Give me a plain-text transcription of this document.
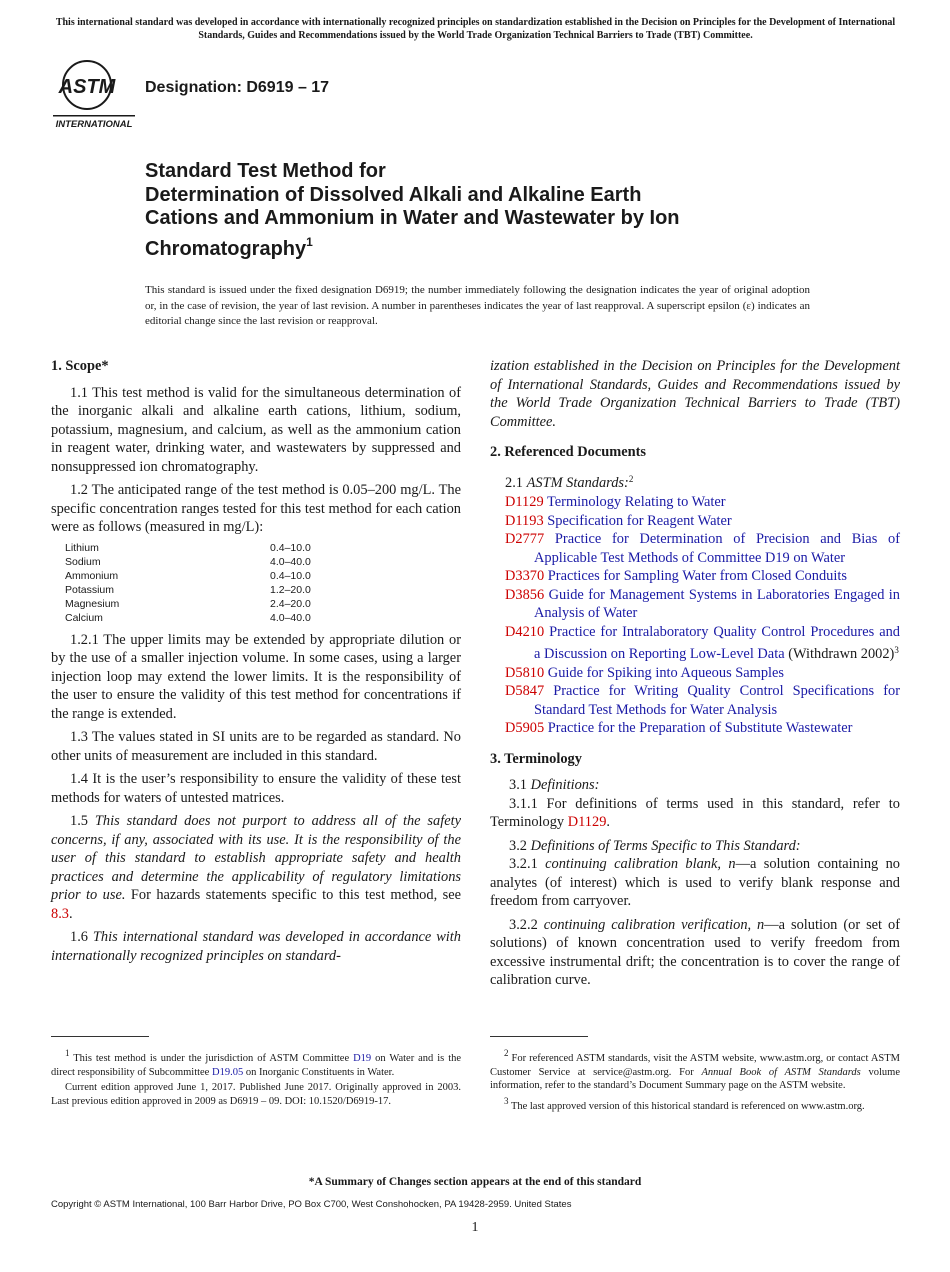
This international standard was developed in accordance with internationally recognized principles on standardization established in the Decision on Principles for the Development of International Standards, Guides and Recommendations issued by the World Trade Organization Technical Barriers to Trade (TBT) Committee.
ASTM
INTERNATIONAL
Designation: D6919 – 17
Standard Test Method for
Determination of Dissolved Alkali and Alkaline Earth
Cations and Ammonium in Water and Wastewater by Ion
Chromatography$^1$
This standard is issued under the fixed designation D6919; the number immediately following the designation indicates the year of original adoption or, in the case of revision, the year of last revision. A number in parentheses indicates the year of last reapproval. A superscript epsilon (ε) indicates an editorial change since the last revision or reapproval.
1. Scope*

1.1 This test method is valid for the simultaneous determination of the inorganic alkali and alkaline earth cations, lithium, sodium, potassium, magnesium, and calcium, as well as the ammonium cation in reagent water, drinking water, and wastewaters by suppressed and nonsuppressed ion chromatography.

1.2 The anticipated range of the test method is 0.05–200 mg/L. The specific concentration ranges tested for this test method for each cation were as follows (measured in mg/L):

Lithium	0.4–10.0
Sodium	4.0–40.0
Ammonium	0.4–10.0
Potassium	1.2–20.0
Magnesium	2.4–20.0
Calcium	4.0–40.0

1.2.1 The upper limits may be extended by appropriate dilution or by the use of a smaller injection volume. In some cases, using a larger injection loop may extend the lower limits. It is the responsibility of the user to ensure the validity of this test method for concentrations if the range is extended.

1.3 The values stated in SI units are to be regarded as standard. No other units of measurement are included in this standard.

1.4 It is the user’s responsibility to ensure the validity of these test methods for waters of untested matrices.

1.5 This standard does not purport to address all of the safety concerns, if any, associated with its use. It is the responsibility of the user of this standard to establish appropriate safety and health practices and determine the applicability of regulatory limitations prior to use. For hazards statements specific to this test method, see 8.3.

1.6 This international standard was developed in accordance with internationally recognized principles on standard-

ization established in the Decision on Principles for the Development of International Standards, Guides and Recommendations issued by the World Trade Organization Technical Barriers to Trade (TBT) Committee.

2. Referenced Documents
2.1 ASTM Standards:$^2$
D1129 Terminology Relating to Water
D1193 Specification for Reagent Water
D2777 Practice for Determination of Precision and Bias of Applicable Test Methods of Committee D19 on Water
D3370 Practices for Sampling Water from Closed Conduits
D3856 Guide for Management Systems in Laboratories Engaged in Analysis of Water
D4210 Practice for Intralaboratory Quality Control Procedures and a Discussion on Reporting Low-Level Data (Withdrawn 2002)$^3$
D5810 Guide for Spiking into Aqueous Samples
D5847 Practice for Writing Quality Control Specifications for Standard Test Methods for Water Analysis
D5905 Practice for the Preparation of Substitute Wastewater
3. Terminology

3.1 Definitions:

3.1.1 For definitions of terms used in this standard, refer to Terminology D1129.

3.2 Definitions of Terms Specific to This Standard:

3.2.1 continuing calibration blank, n—a solution containing no analytes (of interest) which is used to verify blank response and freedom from carryover.

3.2.2 continuing calibration verification, n—a solution (or set of solutions) of known concentration used to verify freedom from excessive instrumental drift; the concentration is to cover the range of calibration curve.

$^1$ This test method is under the jurisdiction of ASTM Committee D19 on Water and is the direct responsibility of Subcommittee D19.05 on Inorganic Constituents in Water.

Current edition approved June 1, 2017. Published June 2017. Originally approved in 2003. Last previous edition approved in 2009 as D6919 – 09. DOI: 10.1520/D6919-17.

$^2$ For referenced ASTM standards, visit the ASTM website, www.astm.org, or contact ASTM Customer Service at service@astm.org. For Annual Book of ASTM Standards volume information, refer to the standard’s Document Summary page on the ASTM website.

$^3$ The last approved version of this historical standard is referenced on www.astm.org.

*A Summary of Changes section appears at the end of this standard
Copyright © ASTM International, 100 Barr Harbor Drive, PO Box C700, West Conshohocken, PA 19428-2959. United States
1
